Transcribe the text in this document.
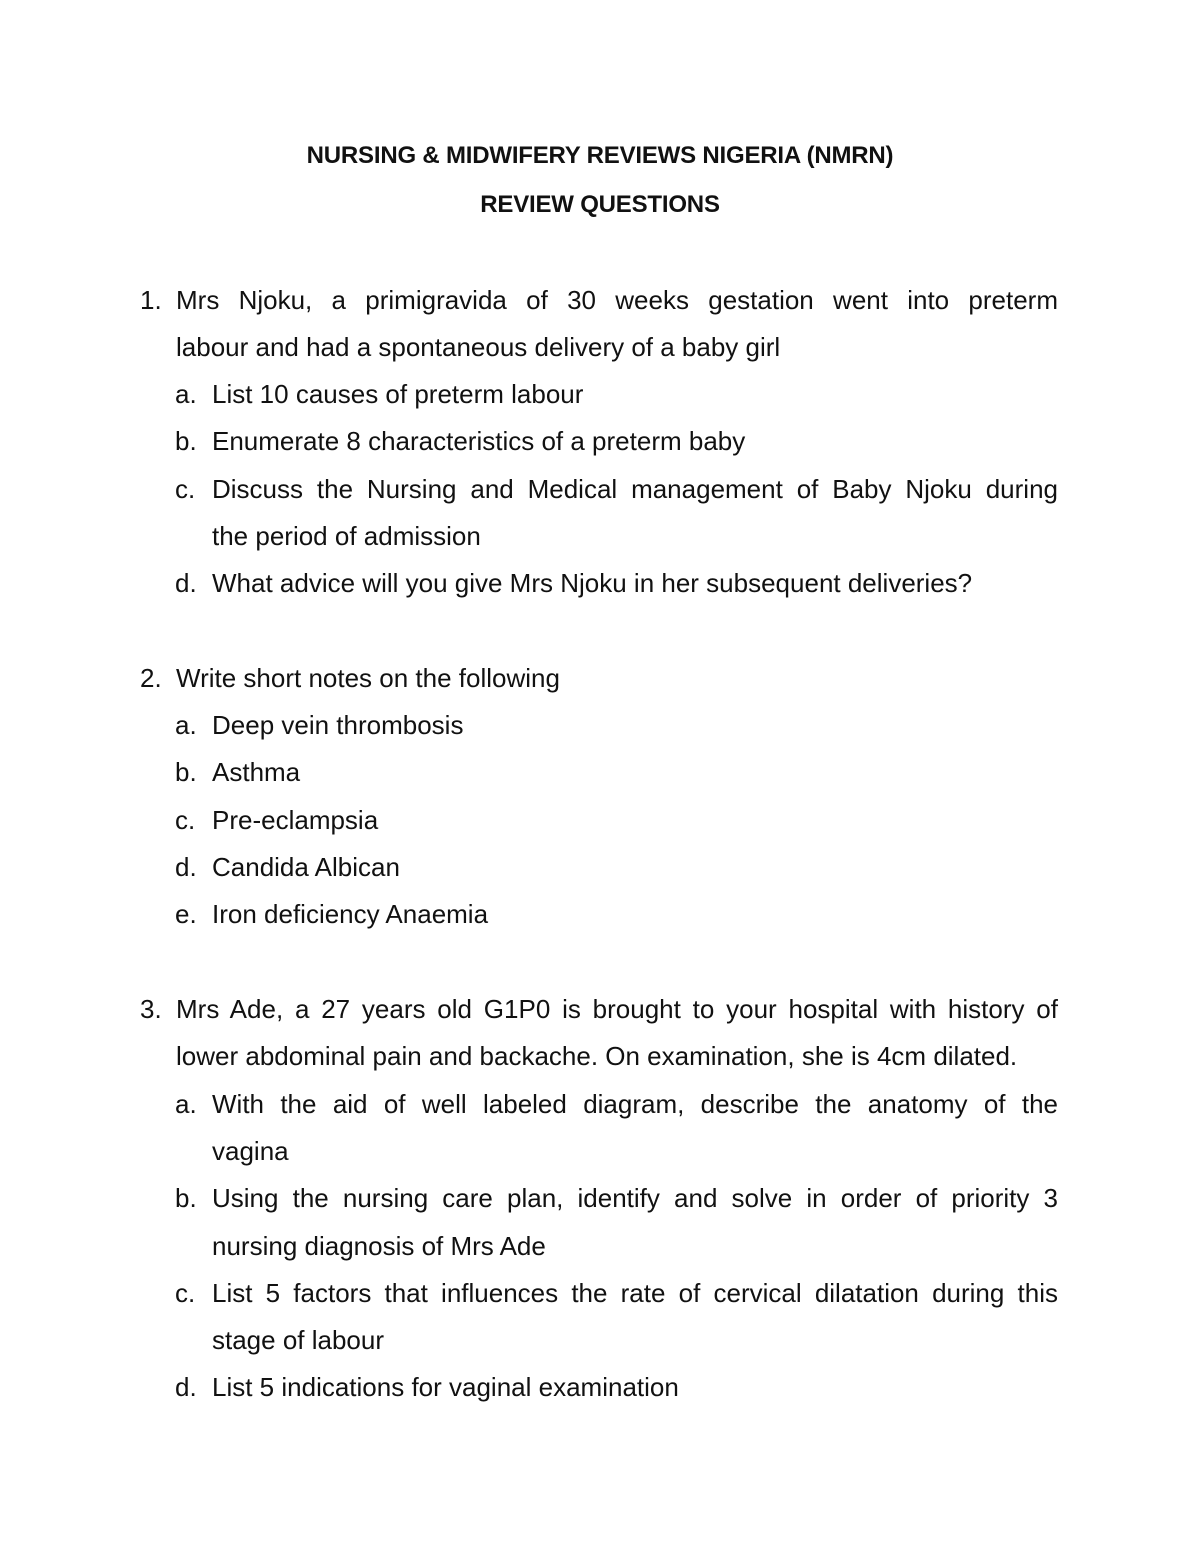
NURSING & MIDWIFERY REVIEWS NIGERIA (NMRN)
REVIEW QUESTIONS
1. Mrs Njoku, a primigravida of 30 weeks gestation went into preterm
labour and had a spontaneous delivery of a baby girl
a. List 10 causes of preterm labour
b. Enumerate 8 characteristics of a preterm baby
c. Discuss the Nursing and Medical management of Baby Njoku during
the period of admission
d. What advice will you give Mrs Njoku in her subsequent deliveries?
2. Write short notes on the following
a. Deep vein thrombosis
b. Asthma
c. Pre-eclampsia
d. Candida Albican
e. Iron deficiency Anaemia
3. Mrs Ade, a 27 years old G1P0 is brought to your hospital with history of
lower abdominal pain and backache. On examination, she is 4cm dilated.
a. With the aid of well labeled diagram, describe the anatomy of the
vagina
b. Using the nursing care plan, identify and solve in order of priority 3
nursing diagnosis of Mrs Ade
c. List 5 factors that influences the rate of cervical dilatation during this
stage of labour
d. List 5 indications for vaginal examination
